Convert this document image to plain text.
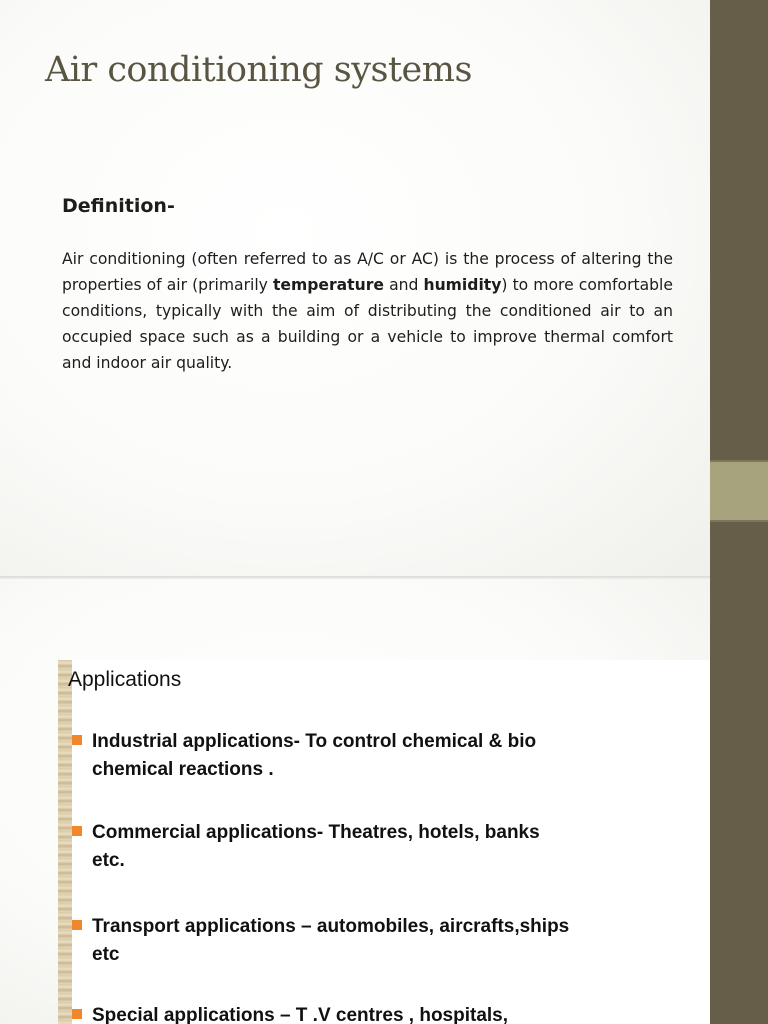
Air conditioning systems
Definition-

Air conditioning (often referred to as A/C or AC) is the process of altering the properties of air (primarily temperature and humidity) to more comfortable conditions, typically with the aim of distributing the conditioned air to an occupied space such as a building or a vehicle to improve thermal comfort and indoor air quality.

Applications
Industrial applications- To control chemical & bio
chemical reactions .
Commercial applications- Theatres, hotels, banks
etc.
Transport applications – automobiles, aircrafts,ships
etc
Special applications – T .V centres , hospitals,
